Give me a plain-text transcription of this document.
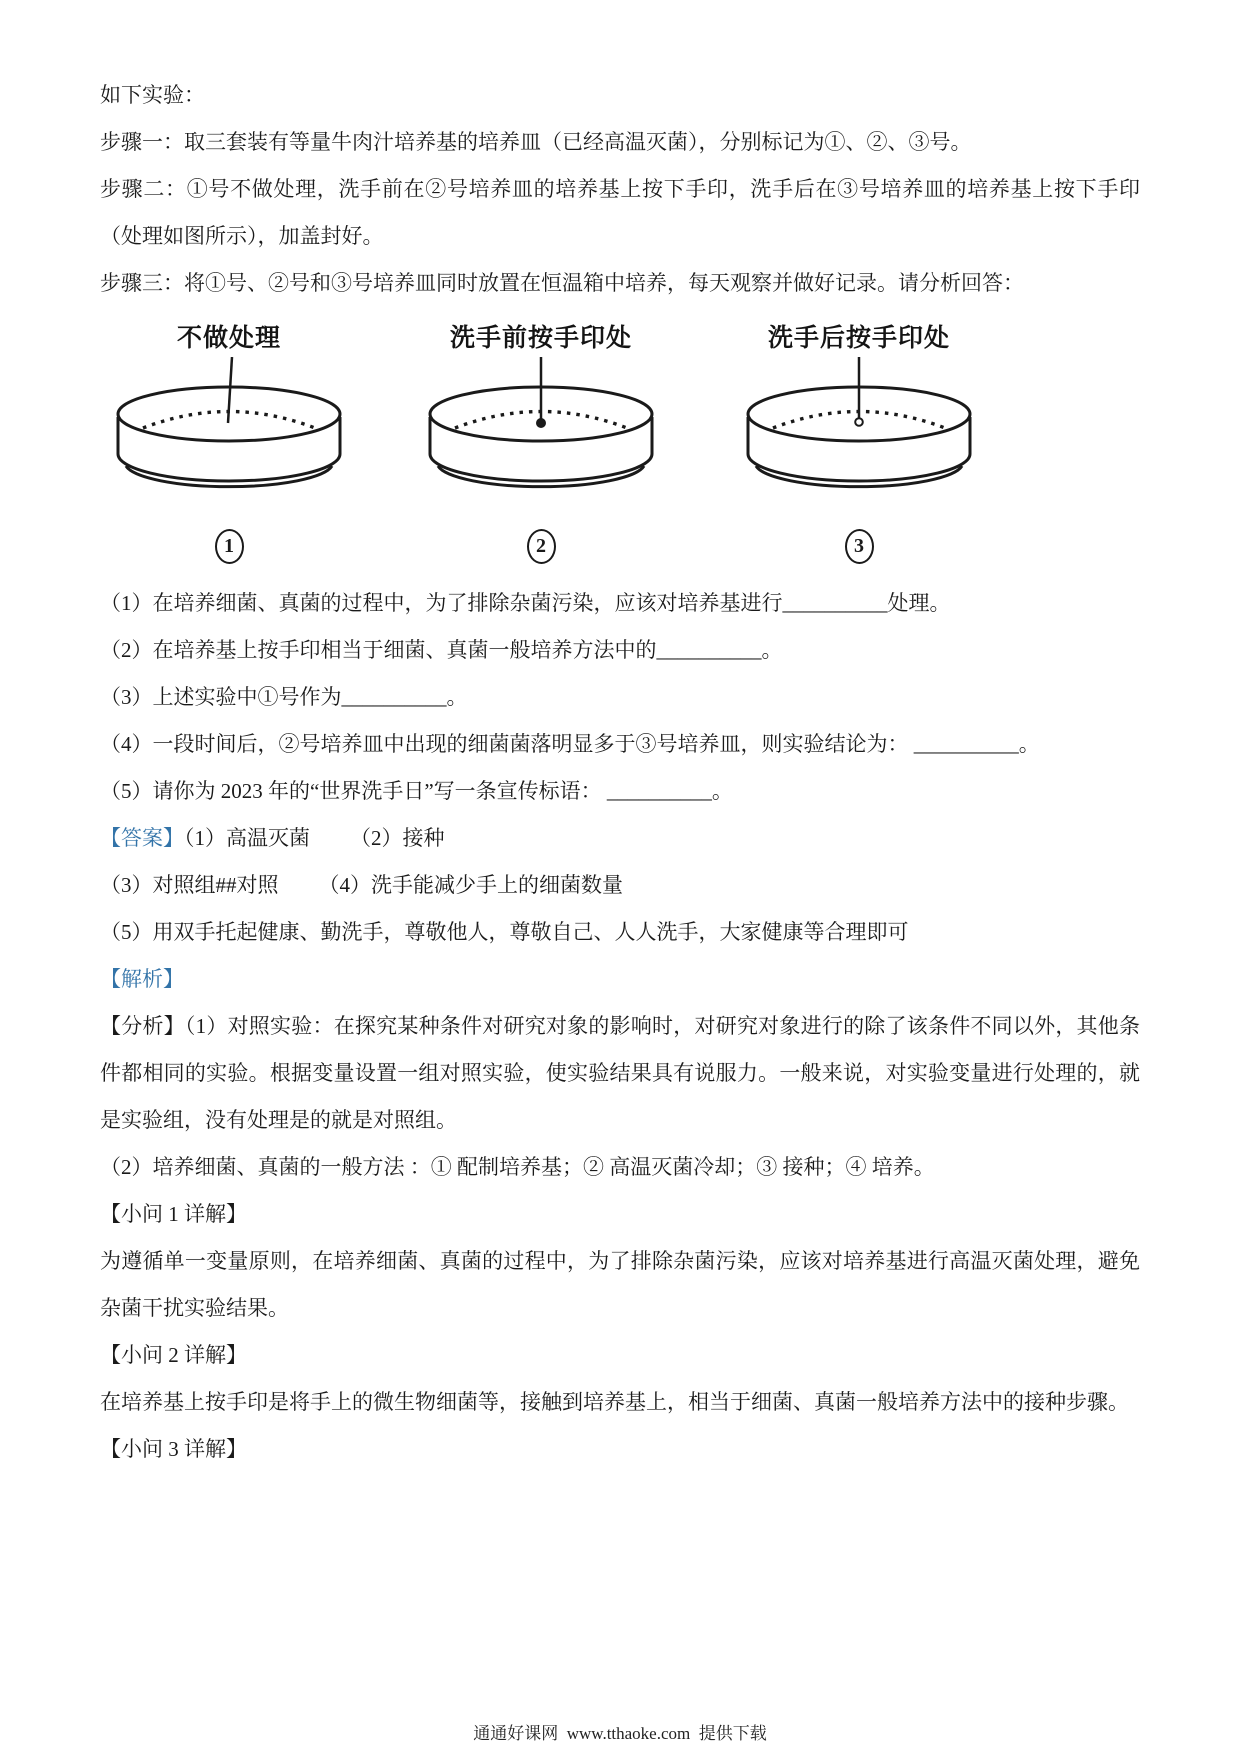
如下实验：

步骤一：取三套装有等量牛肉汁培养基的培养皿（已经高温灭菌），分别标记为①、②、③号。

步骤二：①号不做处理，洗手前在②号培养皿的培养基上按下手印，洗手后在③号培养皿的培养基上按下手印（处理如图所示），加盖封好。

步骤三：将①号、②号和③号培养皿同时放置在恒温箱中培养，每天观察并做好记录。请分析回答：

不做处理
1
洗手前按手印处
2
洗手后按手印处
3

（1）在培养细菌、真菌的过程中，为了排除杂菌污染，应该对培养基进行__________处理。

（2）在培养基上按手印相当于细菌、真菌一般培养方法中的__________。

（3）上述实验中①号作为__________。

（4）一段时间后，②号培养皿中出现的细菌菌落明显多于③号培养皿，则实验结论为： __________。

（5）请你为 2023 年的“世界洗手日”写一条宣传标语： __________。

【答案】（1）高温灭菌 （2）接种

（3）对照组##对照 （4）洗手能减少手上的细菌数量

（5）用双手托起健康、勤洗手，尊敬他人，尊敬自己、人人洗手，大家健康等合理即可

【解析】

【分析】（1）对照实验：在探究某种条件对研究对象的影响时，对研究对象进行的除了该条件不同以外，其他条件都相同的实验。根据变量设置一组对照实验，使实验结果具有说服力。一般来说，对实验变量进行处理的，就是实验组，没有处理是的就是对照组。

（2）培养细菌、真菌的一般方法 ：① 配制培养基；② 高温灭菌冷却；③ 接种；④ 培养。

【小问 1 详解】

为遵循单一变量原则，在培养细菌、真菌的过程中，为了排除杂菌污染，应该对培养基进行高温灭菌处理，避免杂菌干扰实验结果。

【小问 2 详解】

在培养基上按手印是将手上的微生物细菌等，接触到培养基上，相当于细菌、真菌一般培养方法中的接种步骤。

【小问 3 详解】

通通好课网  www.tthaoke.com  提供下载
